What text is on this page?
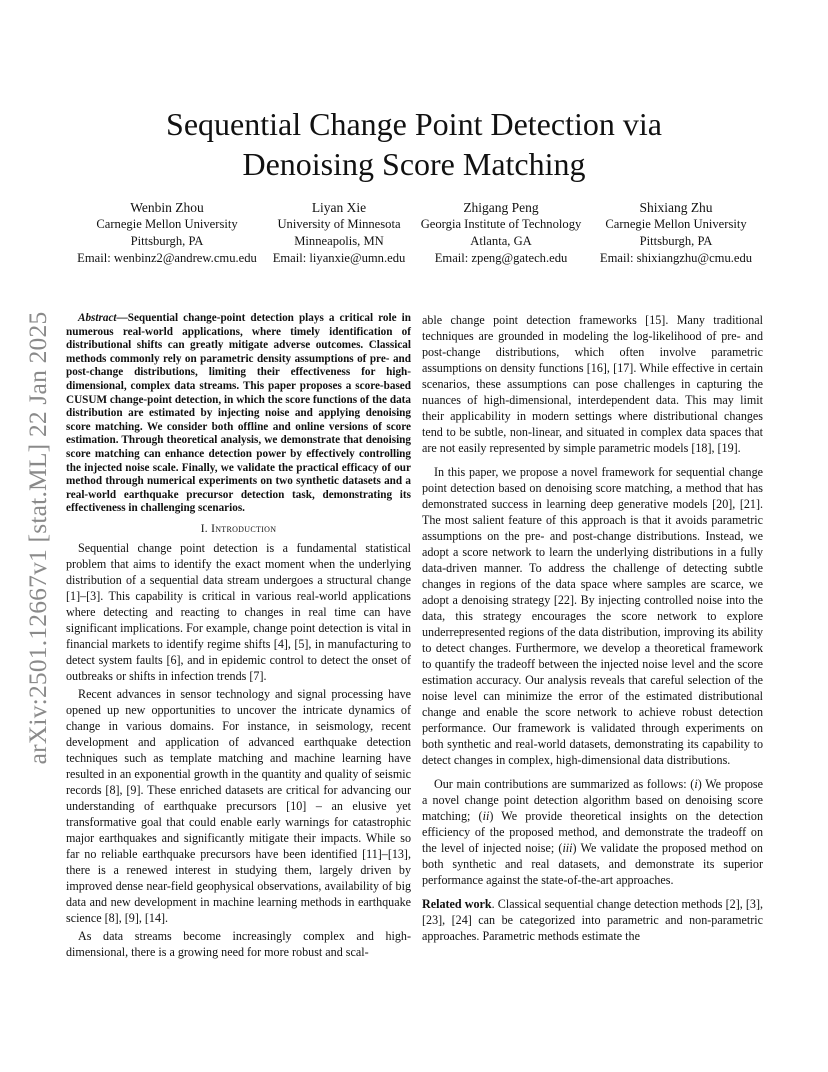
arXiv:2501.12667v1 [stat.ML] 22 Jan 2025
Sequential Change Point Detection via
Denoising Score Matching
Wenbin Zhou
Carnegie Mellon University
Pittsburgh, PA
Email: wenbinz2@andrew.cmu.edu
Liyan Xie
University of Minnesota
Minneapolis, MN
Email: liyanxie@umn.edu
Zhigang Peng
Georgia Institute of Technology
Atlanta, GA
Email: zpeng@gatech.edu
Shixiang Zhu
Carnegie Mellon University
Pittsburgh, PA
Email: shixiangzhu@cmu.edu

Abstract—Sequential change-point detection plays a critical role in numerous real-world applications, where timely identification of distributional shifts can greatly mitigate adverse outcomes. Classical methods commonly rely on parametric density assumptions of pre- and post-change distributions, limiting their effectiveness for high-dimensional, complex data streams. This paper proposes a score-based CUSUM change-point detection, in which the score functions of the data distribution are estimated by injecting noise and applying denoising score matching. We consider both offline and online versions of score estimation. Through theoretical analysis, we demonstrate that denoising score matching can enhance detection power by effectively controlling the injected noise scale. Finally, we validate the practical efficacy of our method through numerical experiments on two synthetic datasets and a real-world earthquake precursor detection task, demonstrating its effectiveness in challenging scenarios.

I. Introduction

Sequential change point detection is a fundamental statistical problem that aims to identify the exact moment when the underlying distribution of a sequential data stream undergoes a structural change [1]–[3]. This capability is critical in various real-world applications where detecting and reacting to changes in real time can have significant implications. For example, change point detection is vital in financial markets to identify regime shifts [4], [5], in manufacturing to detect system faults [6], and in epidemic control to detect the onset of outbreaks or shifts in infection trends [7].

Recent advances in sensor technology and signal processing have opened up new opportunities to uncover the intricate dynamics of change in various domains. For instance, in seismology, recent development and application of advanced earthquake detection techniques such as template matching and machine learning have resulted in an exponential growth in the quantity and quality of seismic records [8], [9]. These enriched datasets are critical for advancing our understanding of earthquake precursors [10] – an elusive yet transformative goal that could enable early warnings for catastrophic major earthquakes and significantly mitigate their impacts. While so far no reliable earthquake precursors have been identified [11]–[13], there is a renewed interest in studying them, largely driven by improved dense near-field geophysical observations, availability of big data and new development in machine learning methods in earthquake science [8], [9], [14].

As data streams become increasingly complex and high-dimensional, there is a growing need for more robust and scal-

able change point detection frameworks [15]. Many traditional techniques are grounded in modeling the log-likelihood of pre- and post-change distributions, which often involve parametric assumptions on density functions [16], [17]. While effective in certain scenarios, these assumptions can pose challenges in capturing the nuances of high-dimensional, interdependent data. This may limit their applicability in modern settings where distributional changes tend to be subtle, non-linear, and situated in complex data spaces that are not easily represented by simple parametric models [18], [19].

In this paper, we propose a novel framework for sequential change point detection based on denoising score matching, a method that has demonstrated success in learning deep generative models [20], [21]. The most salient feature of this approach is that it avoids parametric assumptions on the pre- and post-change distributions. Instead, we adopt a score network to learn the underlying distributions in a fully data-driven manner. To address the challenge of detecting subtle changes in regions of the data space where samples are scarce, we adopt a denoising strategy [22]. By injecting controlled noise into the data, this strategy encourages the score network to explore underrepresented regions of the data distribution, improving its ability to detect changes. Furthermore, we develop a theoretical framework to quantify the tradeoff between the injected noise level and the score estimation accuracy. Our analysis reveals that careful selection of the noise level can minimize the error of the estimated distributional change and enable the score network to achieve robust detection performance. Our framework is validated through experiments on both synthetic and real-world datasets, demonstrating its capability to detect changes in complex, high-dimensional data distributions.

Our main contributions are summarized as follows: (i) We propose a novel change point detection algorithm based on denoising score matching; (ii) We provide theoretical insights on the detection efficiency of the proposed method, and demonstrate the tradeoff on the level of injected noise; (iii) We validate the proposed method on both synthetic and real datasets, and demonstrate its superior performance against the state-of-the-art approaches.

Related work. Classical sequential change detection methods [2], [3], [23], [24] can be categorized into parametric and non-parametric approaches. Parametric methods estimate the
